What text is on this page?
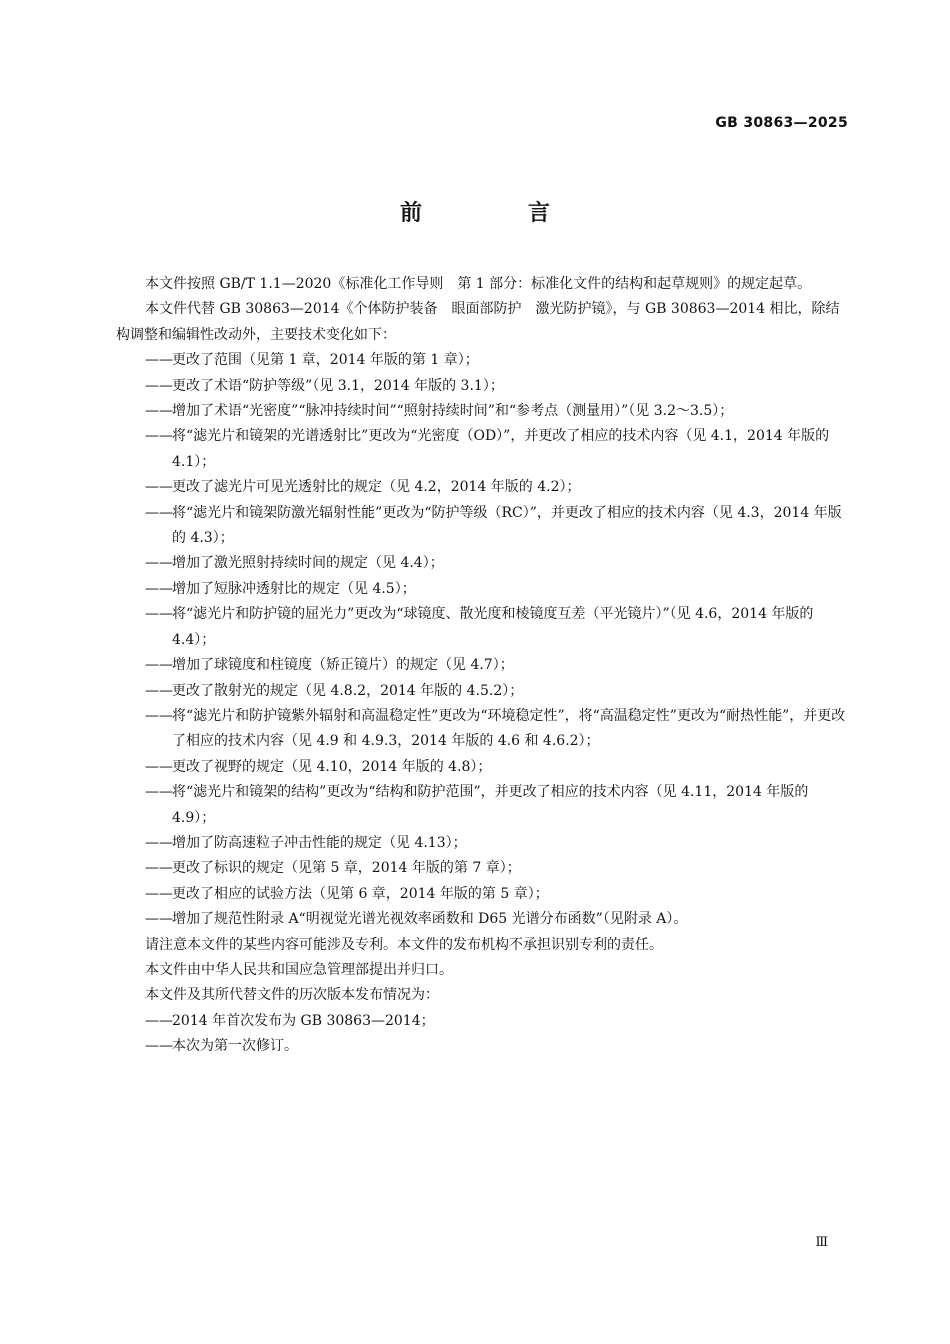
GB 30863—2025
前　言

本文件按照 GB/T 1.1—2020《标准化工作导则　第 1 部分：标准化文件的结构和起草规则》的规定起草。

本文件代替 GB 30863—2014《个体防护装备　眼面部防护　激光防护镜》，与 GB 30863—2014 相比，除结构调整和编辑性改动外，主要技术变化如下：

—— 更改了范围（见第 1 章，2014 年版的第 1 章）；

—— 更改了术语“防护等级”（见 3.1，2014 年版的 3.1）；

—— 增加了术语“光密度”“脉冲持续时间”“照射持续时间”和“参考点（测量用）”（见 3.2～3.5）；

—— 将“滤光片和镜架的光谱透射比”更改为“光密度（OD）”，并更改了相应的技术内容（见 4.1，2014 年版的 4.1）；

—— 更改了滤光片可见光透射比的规定（见 4.2，2014 年版的 4.2）；

—— 将“滤光片和镜架防激光辐射性能”更改为“防护等级（RC）”，并更改了相应的技术内容（见 4.3，2014 年版的 4.3）；

—— 增加了激光照射持续时间的规定（见 4.4）；

—— 增加了短脉冲透射比的规定（见 4.5）；

—— 将“滤光片和防护镜的屈光力”更改为“球镜度、散光度和棱镜度互差（平光镜片）”（见 4.6，2014 年版的 4.4）；

—— 增加了球镜度和柱镜度（矫正镜片）的规定（见 4.7）；

—— 更改了散射光的规定（见 4.8.2，2014 年版的 4.5.2）；

—— 将“滤光片和防护镜紫外辐射和高温稳定性”更改为“环境稳定性”，将“高温稳定性”更改为“耐热性能”，并更改了相应的技术内容（见 4.9 和 4.9.3，2014 年版的 4.6 和 4.6.2）；

—— 更改了视野的规定（见 4.10，2014 年版的 4.8）；

—— 将“滤光片和镜架的结构”更改为“结构和防护范围”，并更改了相应的技术内容（见 4.11，2014 年版的 4.9）；

—— 增加了防高速粒子冲击性能的规定（见 4.13）；

—— 更改了标识的规定（见第 5 章，2014 年版的第 7 章）；

—— 更改了相应的试验方法（见第 6 章，2014 年版的第 5 章）；

—— 增加了规范性附录 A“明视觉光谱光视效率函数和 D65 光谱分布函数”（见附录 A）。

请注意本文件的某些内容可能涉及专利。本文件的发布机构不承担识别专利的责任。

本文件由中华人民共和国应急管理部提出并归口。

本文件及其所代替文件的历次版本发布情况为：

—— 2014 年首次发布为 GB 30863—2014；

—— 本次为第一次修订。

Ⅲ
